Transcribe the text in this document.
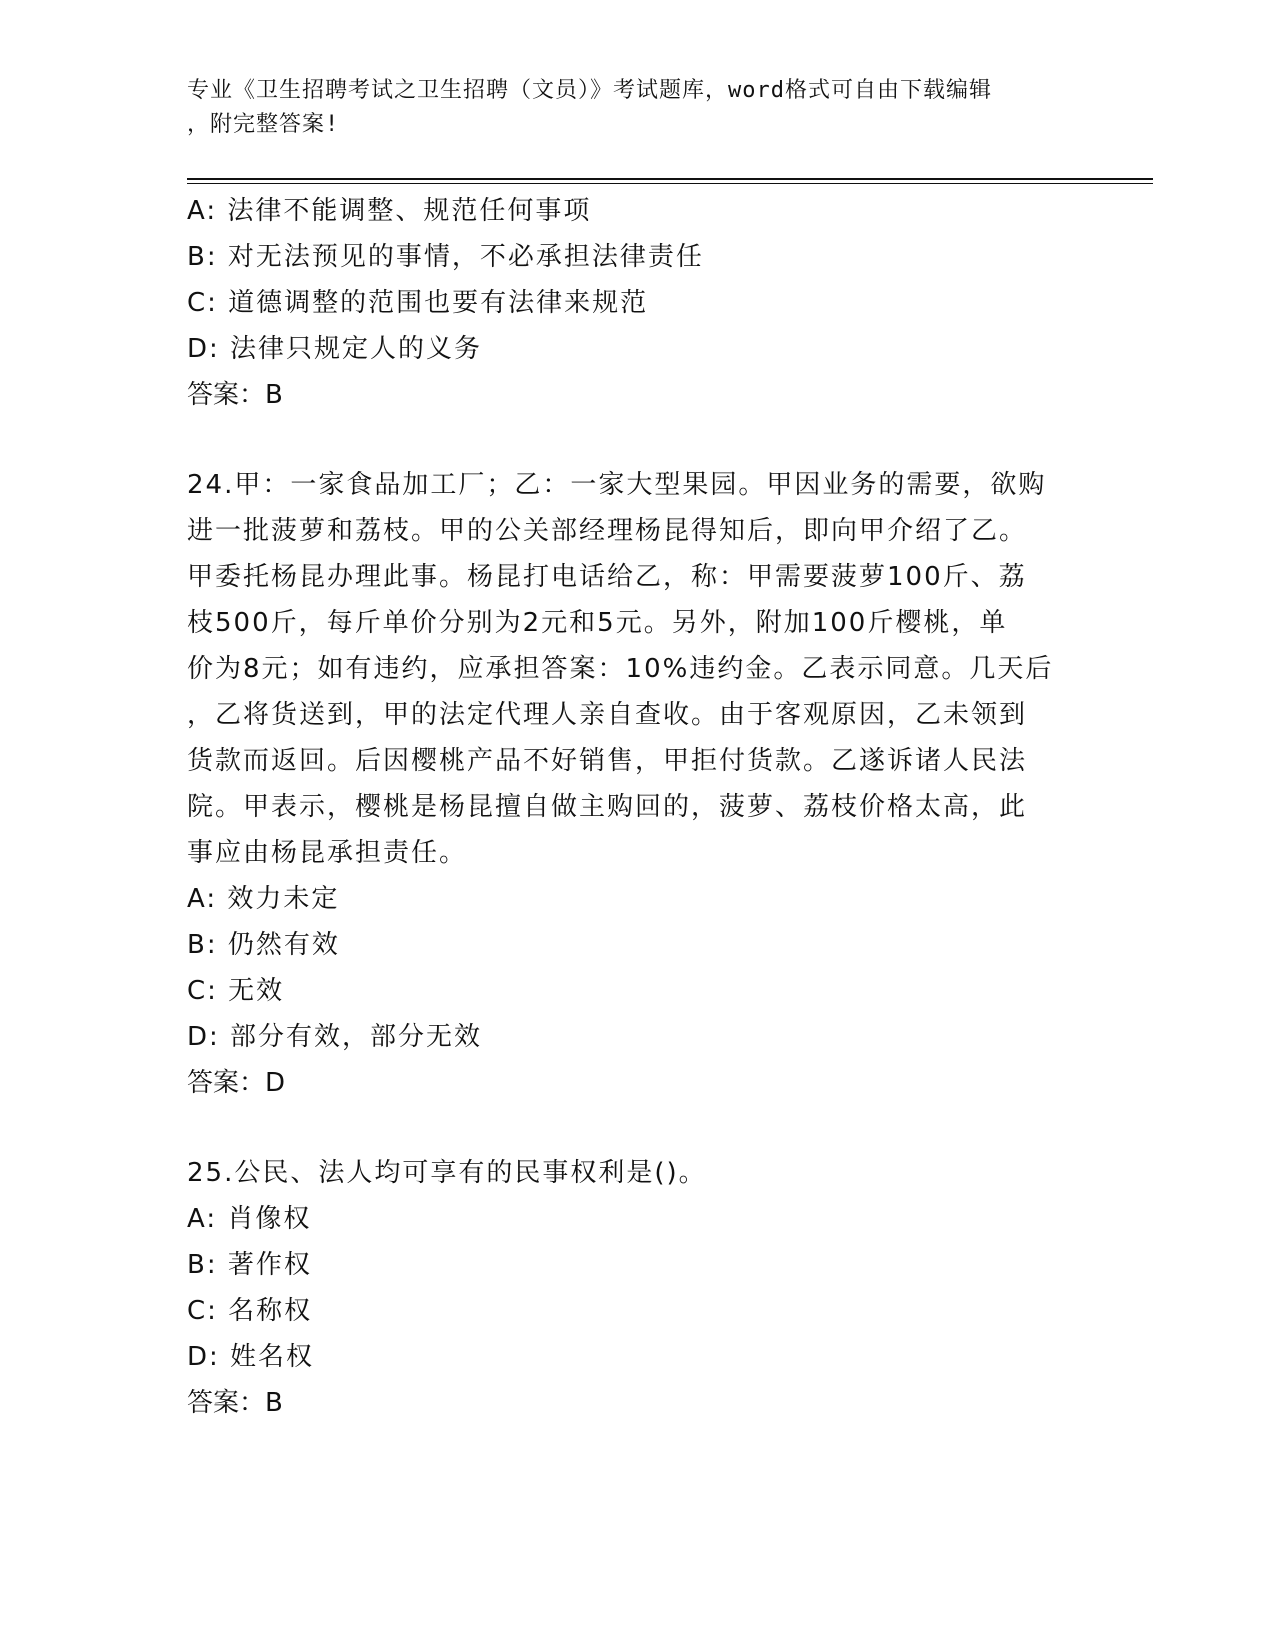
专业《卫生招聘考试之卫生招聘（文员）》考试题库，word格式可自由下载编辑
，附完整答案!
A: 法律不能调整、规范任何事项
B: 对无法预见的事情，不必承担法律责任
C: 道德调整的范围也要有法律来规范
D: 法律只规定人的义务
答案：B
24.甲：一家食品加工厂；乙：一家大型果园。甲因业务的需要，欲购
进一批菠萝和荔枝。甲的公关部经理杨昆得知后，即向甲介绍了乙。
甲委托杨昆办理此事。杨昆打电话给乙，称：甲需要菠萝100斤、荔
枝500斤，每斤单价分别为2元和5元。另外，附加100斤樱桃，单
价为8元；如有违约，应承担答案：10%违约金。乙表示同意。几天后
，乙将货送到，甲的法定代理人亲自查收。由于客观原因，乙未领到
货款而返回。后因樱桃产品不好销售，甲拒付货款。乙遂诉诸人民法
院。甲表示，樱桃是杨昆擅自做主购回的，菠萝、荔枝价格太高，此
事应由杨昆承担责任。
A: 效力未定
B: 仍然有效
C: 无效
D: 部分有效，部分无效
答案：D
25.公民、法人均可享有的民事权利是()。
A: 肖像权
B: 著作权
C: 名称权
D: 姓名权
答案：B
